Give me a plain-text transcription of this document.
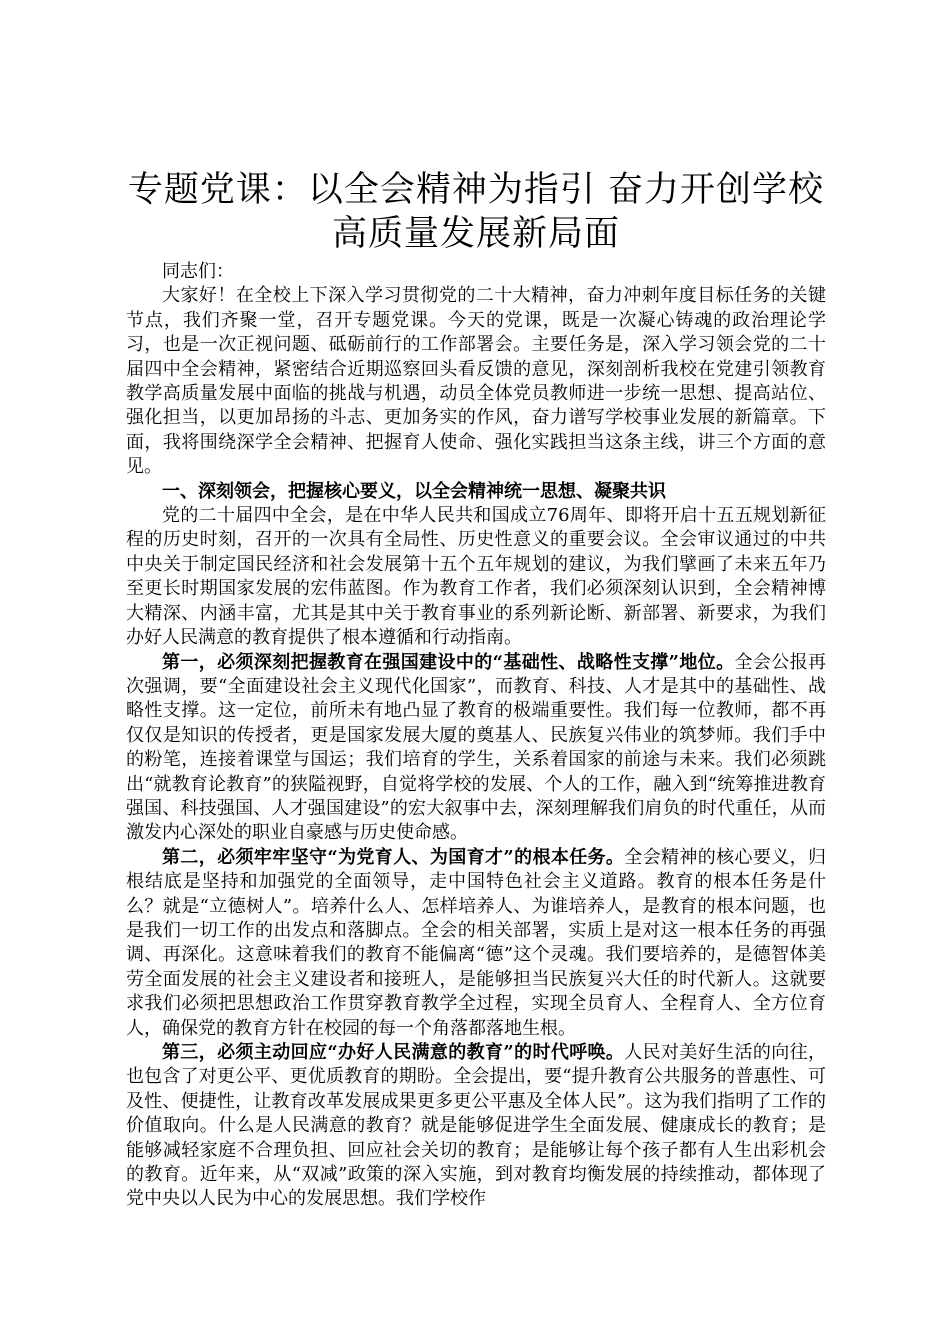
专题党课：以全会精神为指引 奋力开创学校
高质量发展新局面

同志们：

大家好！在全校上下深入学习贯彻党的二十大精神，奋力冲刺年度目标任务的关键节点，我们齐聚一堂，召开专题党课。今天的党课，既是一次凝心铸魂的政治理论学习，也是一次正视问题、砥砺前行的工作部署会。主要任务是，深入学习领会党的二十届四中全会精神，紧密结合近期巡察回头看反馈的意见，深刻剖析我校在党建引领教育教学高质量发展中面临的挑战与机遇，动员全体党员教师进一步统一思想、提高站位、强化担当，以更加昂扬的斗志、更加务实的作风，奋力谱写学校事业发展的新篇章。下面，我将围绕深学全会精神、把握育人使命、强化实践担当这条主线，讲三个方面的意见。

一、深刻领会，把握核心要义，以全会精神统一思想、凝聚共识

党的二十届四中全会，是在中华人民共和国成立76周年、即将开启十五五规划新征程的历史时刻，召开的一次具有全局性、历史性意义的重要会议。全会审议通过的中共中央关于制定国民经济和社会发展第十五个五年规划的建议，为我们擘画了未来五年乃至更长时期国家发展的宏伟蓝图。作为教育工作者，我们必须深刻认识到，全会精神博大精深、内涵丰富，尤其是其中关于教育事业的系列新论断、新部署、新要求，为我们办好人民满意的教育提供了根本遵循和行动指南。

第一，必须深刻把握教育在强国建设中的“基础性、战略性支撑”地位。全会公报再次强调，要“全面建设社会主义现代化国家”，而教育、科技、人才是其中的基础性、战略性支撑。这一定位，前所未有地凸显了教育的极端重要性。我们每一位教师，都不再仅仅是知识的传授者，更是国家发展大厦的奠基人、民族复兴伟业的筑梦师。我们手中的粉笔，连接着课堂与国运；我们培育的学生，关系着国家的前途与未来。我们必须跳出“就教育论教育”的狭隘视野，自觉将学校的发展、个人的工作，融入到“统筹推进教育强国、科技强国、人才强国建设”的宏大叙事中去，深刻理解我们肩负的时代重任，从而激发内心深处的职业自豪感与历史使命感。

第二，必须牢牢坚守“为党育人、为国育才”的根本任务。全会精神的核心要义，归根结底是坚持和加强党的全面领导，走中国特色社会主义道路。教育的根本任务是什么？就是“立德树人”。培养什么人、怎样培养人、为谁培养人，是教育的根本问题，也是我们一切工作的出发点和落脚点。全会的相关部署，实质上是对这一根本任务的再强调、再深化。这意味着我们的教育不能偏离“德”这个灵魂。我们要培养的，是德智体美劳全面发展的社会主义建设者和接班人，是能够担当民族复兴大任的时代新人。这就要求我们必须把思想政治工作贯穿教育教学全过程，实现全员育人、全程育人、全方位育人，确保党的教育方针在校园的每一个角落都落地生根。

第三，必须主动回应“办好人民满意的教育”的时代呼唤。人民对美好生活的向往，也包含了对更公平、更优质教育的期盼。全会提出，要“提升教育公共服务的普惠性、可及性、便捷性，让教育改革发展成果更多更公平惠及全体人民”。这为我们指明了工作的价值取向。什么是人民满意的教育？就是能够促进学生全面发展、健康成长的教育；是能够减轻家庭不合理负担、回应社会关切的教育；是能够让每个孩子都有人生出彩机会的教育。近年来，从“双减”政策的深入实施，到对教育均衡发展的持续推动，都体现了党中央以人民为中心的发展思想。我们学校作
